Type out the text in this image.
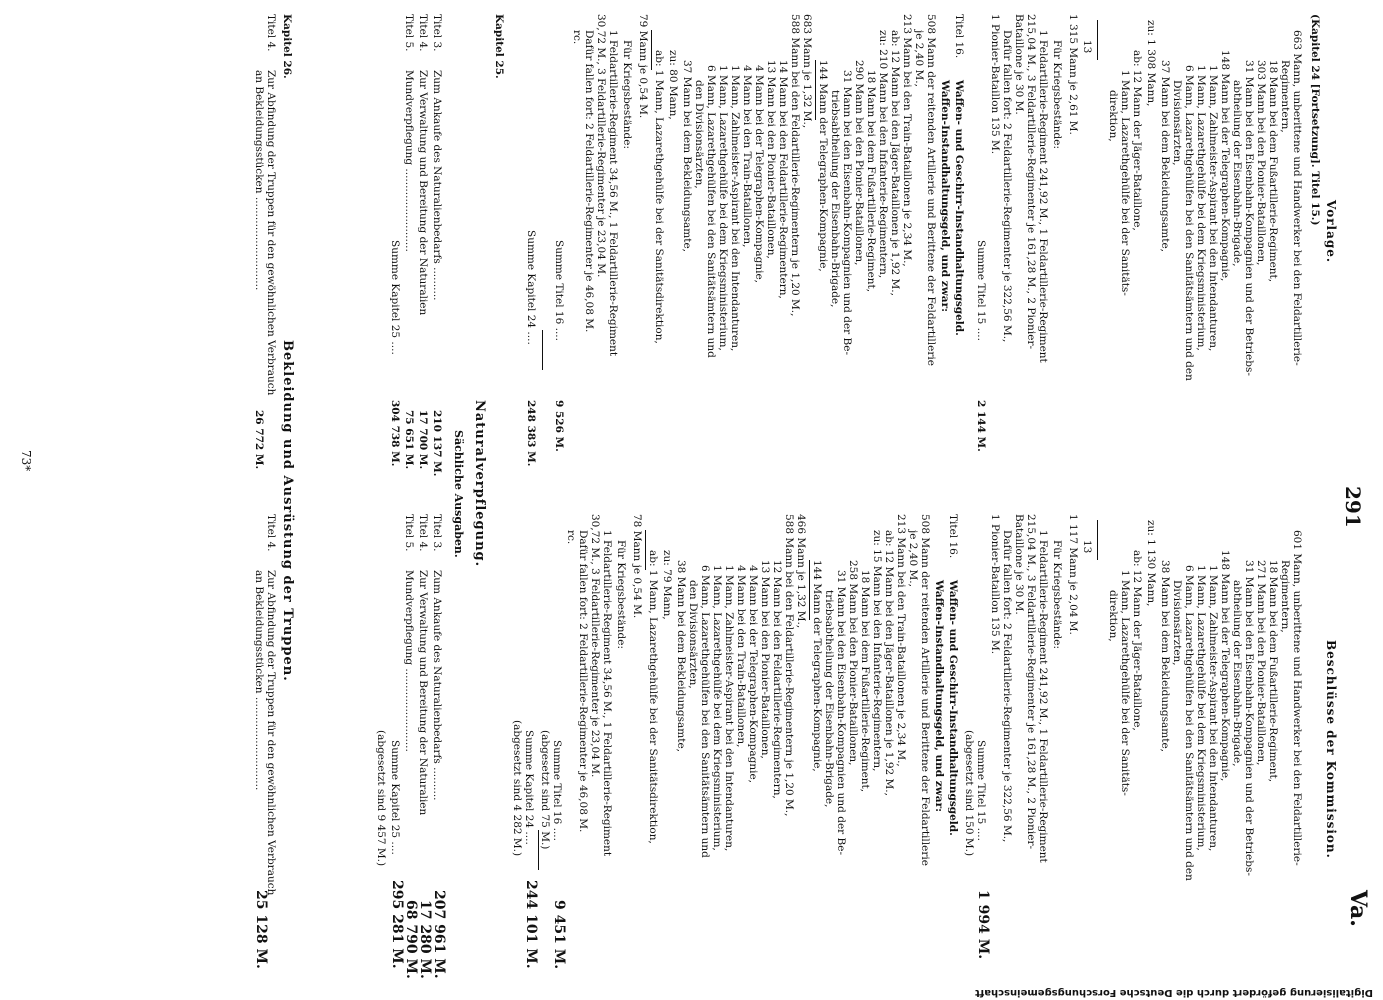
291
Va.
Vorlage.
(Kapitel 24 [Fortsetzung]. Titel 15.)
663 Mann, unberittene und Handwerker bei den Feldartillerie-
Regimentern,
18 Mann bei dem Fußartillerie-Regiment,
303 Mann bei den Pionier-Bataillonen,
31 Mann bei den Eisenbahn-Kompagnien und der Betriebs-
abtheilung der Eisenbahn-Brigade,
148 Mann bei der Telegraphen-Kompagnie,
1 Mann, Zahlmeister-Aspirant bei den Intendanturen,
1 Mann, Lazarethgehülfe bei dem Kriegsministerium,
6 Mann, Lazarethgehülfen bei den Sanitätsämtern und den
Divisionsärzten,
37 Mann bei dem Bekleidungsamte,
zu: 1 308 Mann,
ab: 12 Mann der Jäger-Bataillone,
1 Mann, Lazarethgehülfe bei der Sanitäts-
direktion,
13
1 315 Mann je 2,61 M.
Für Kriegsbestände:
1 Feldartillerie-Regiment 241,92 M., 1 Feldartillerie-Regiment
215,04 M., 3 Feldartillerie-Regimenter je 161,28 M., 2 Pionier-
Bataillone je 30 M.
Dafür fallen fort: 2 Feldartillerie-Regimenter je 322,56 M.,
1 Pionier-Bataillon 135 M.
Summe Titel 15 ....
2 144 M.
Titel 16.
Waffen- und Geschirr-Instandhaltungsgeld.
Waffen-Instandhaltungsgeld, und zwar:
508 Mann der reitenden Artillerie und Berittene der Feldartillerie
je 2,40 M.,
213 Mann bei den Train-Bataillonen je 2,34 M.,
ab: 12 Mann bei den Jäger-Bataillonen je 1,92 M.,
zu: 210 Mann bei den Infanterie-Regimentern,
18 Mann bei dem Fußartillerie-Regiment,
290 Mann bei den Pionier-Bataillonen,
31 Mann bei den Eisenbahn-Kompagnien und der Be-
triebsabtheilung der Eisenbahn-Brigade,
144 Mann der Telegraphen-Kompagnie,
683 Mann je 1,32 M.,
588 Mann bei den Feldartillerie-Regimentern je 1,20 M.,
14 Mann bei den Feldartillerie-Regimentern,
13 Mann bei den Pionier-Bataillonen,
4 Mann bei der Telegraphen-Kompagnie,
4 Mann bei den Train-Bataillonen,
1 Mann, Zahlmeister-Aspirant bei den Intendanturen,
1 Mann, Lazarethgehülfe bei dem Kriegsministerium,
6 Mann, Lazarethgehülfen bei den Sanitätsämtern und
den Divisionsärzten,
37 Mann bei dem Bekleidungsamte,
zu: 80 Mann,
ab: 1 Mann, Lazarethgehülfe bei der Sanitätsdirektion,
79 Mann je 0,54 M.
Für Kriegsbestände:
1 Feldartillerie-Regiment 34,56 M., 1 Feldartillerie-Regiment
30,72 M., 3 Feldartillerie-Regimenter je 23,04 M.
Dafür fallen fort: 2 Feldartillerie-Regimenter je 46,08 M.
rc.
Summe Titel 16 ....
9 526 M.
Summe Kapitel 24 ....
248 383 M.
Kapitel 25.
Titel 3.
Zum Ankaufe des Naturalienbedarfs ..........
210 137 M.
Titel 4.
Zur Verwaltung und Bereitung der Naturalien
17 700 M.
Titel 5.
Mundverpflegung .........................
75 651 M.
Summe Kapitel 25 ....
304 738 M.
Kapitel 26.
Titel 4.
Zur Abfindung der Truppen für den gewöhnlichen Verbrauch
an Bekleidungsstücken ............................
26 772 M.	Naturalverpflegung.
Sächliche Ausgaben.
Bekleidung und Ausrüstung der Truppen.
Beschlüsse der Kommission.
601 Mann, unberittene und Handwerker bei den Feldartillerie-
Regimentern,
18 Mann bei dem Fußartillerie-Regiment,
271 Mann bei den Pionier-Bataillonen,
31 Mann bei den Eisenbahn-Kompagnien und der Betriebs-
abtheilung der Eisenbahn-Brigade,
148 Mann bei der Telegraphen-Kompagnie,
1 Mann, Zahlmeister-Aspirant bei den Intendanturen,
1 Mann, Lazarethgehülfe bei dem Kriegsministerium,
6 Mann, Lazarethgehülfen bei den Sanitätsämtern und den
Divisionsärzten,
38 Mann bei dem Bekleidungsamte,
zu: 1 130 Mann,
ab: 12 Mann der Jäger-Bataillone,
1 Mann, Lazarethgehülfe bei der Sanitäts-
direktion,
13
1 117 Mann je 2,04 M.
Für Kriegsbestände:
1 Feldartillerie-Regiment 241,92 M., 1 Feldartillerie-Regiment
215,04 M., 3 Feldartillerie-Regimenter je 161,28 M., 2 Pionier-
Bataillone je 30 M.
Dafür fallen fort: 2 Feldartillerie-Regimenter je 322,56 M.,
1 Pionier-Bataillon 135 M.
Summe Titel 15 ....
1 994 M.
(abgesetzt sind 150 M.)
Titel 16.
Waffen- und Geschirr-Instandhaltungsgeld.
Waffen-Instandhaltungsgeld, und zwar:
508 Mann der reitenden Artillerie und Berittene der Feldartillerie
je 2,40 M.,
213 Mann bei den Train-Bataillonen je 2,34 M.,
ab: 12 Mann bei den Jäger-Bataillonen je 1,92 M.,
zu: 15 Mann bei den Infanterie-Regimentern,
18 Mann bei dem Fußartillerie-Regiment,
258 Mann bei den Pionier-Bataillonen,
31 Mann bei den Eisenbahn-Kompagnien und der Be-
triebsabtheilung der Eisenbahn-Brigade,
144 Mann der Telegraphen-Kompagnie,
466 Mann je 1,32 M.,
588 Mann bei den Feldartillerie-Regimentern je 1,20 M.,
12 Mann bei den Feldartillerie-Regimentern,
13 Mann bei den Pionier-Bataillonen,
4 Mann bei der Telegraphen-Kompagnie,
4 Mann bei den Train-Bataillonen,
1 Mann, Zahlmeister-Aspirant bei den Intendanturen,
1 Mann, Lazarethgehülfe bei dem Kriegsministerium,
6 Mann, Lazarethgehülfen bei den Sanitätsämtern und
den Divisionsärzten,
38 Mann bei dem Bekleidungsamte,
zu: 79 Mann,
ab: 1 Mann, Lazarethgehülfe bei der Sanitätsdirektion,
78 Mann je 0,54 M.
Für Kriegsbestände:
1 Feldartillerie-Regiment 34,56 M., 1 Feldartillerie-Regiment
30,72 M., 3 Feldartillerie-Regimenter je 23,04 M.
Dafür fallen fort: 2 Feldartillerie-Regimenter je 46,08 M.
rc.
Summe Titel 16 ....
9 451 M.
(abgesetzt sind 75 M.)
Summe Kapitel 24 ....
244 101 M.
(abgesetzt sind 4 282 M.)
Titel 3.
Zum Ankaufe des Naturalienbedarfs ..........
207 961 M.
Titel 4.
Zur Verwaltung und Bereitung der Naturalien
17 280 M.
Titel 5.
Mundverpflegung .........................
68 790 M.
Summe Kapitel 25 ....
295 281 M.
(abgesetzt sind 9 457 M.)
Titel 4.
Zur Abfindung der Truppen für den gewöhnlichen Verbrauch
an Bekleidungsstücken ............................
25 128 M.
73*
Digitalisierung gefördert durch die Deutsche Forschungsgemeinschaft
